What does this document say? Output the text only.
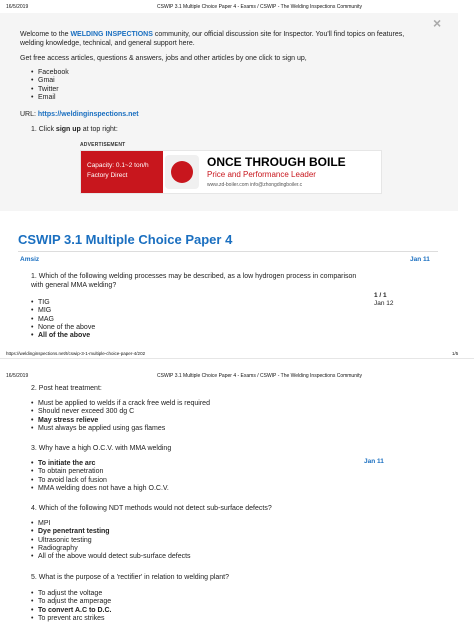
16/5/2019	CSWIP 3.1 Multiple Choice Paper 4 - Exams / CSWIP - The Welding Inspections Community
×
Welcome to the WELDING INSPECTIONS community, our official discussion site for Inspector. You'll find topics on features, welding knowledge, technical, and general support here.
Get free access articles, questions & answers, jobs and other articles by one click to sign up,
• Facebook
• Gmai
• Twitter
• Email
URL: https://weldinginspections.net
1. Click sign up at top right:
ADVERTISEMENT
Capacity: 0.1~2 ton/h
Factory Direct
ONCE THROUGH BOILE
Price and Performance Leader
www.zd-boiler.com info@zhongdingboiler.c
CSWIP 3.1 Multiple Choice Paper 4
Amsiz	Jan 11
1. Which of the following welding processes may be described, as a low hydrogen process in comparison with general MMA welding?
• TIG
• MIG
• MAG
• None of the above
• All of the above
1 / 1
Jan 12
https://weldinginspections.net/t/cswip-3-1-multiple-choice-paper-4/202	1/5
16/5/2019	CSWIP 3.1 Multiple Choice Paper 4 - Exams / CSWIP - The Welding Inspections Community
2. Post heat treatment:
• Must be applied to welds if a crack free weld is required
• Should never exceed 300 dg C
• May stress relieve
• Must always be applied using gas flames
3. Why have a high O.C.V. with MMA welding
Jan 11
• To initiate the arc
• To obtain penetration
• To avoid lack of fusion
• MMA welding does not have a high O.C.V.
4. Which of the following NDT methods would not detect sub-surface defects?
• MPI
• Dye penetrant testing
• Ultrasonic testing
• Radiography
• All of the above would detect sub-surface defects
5. What is the purpose of a 'rectifier' in relation to welding plant?
• To adjust the voltage
• To adjust the amperage
• To convert A.C to D.C.
• To prevent arc strikes
